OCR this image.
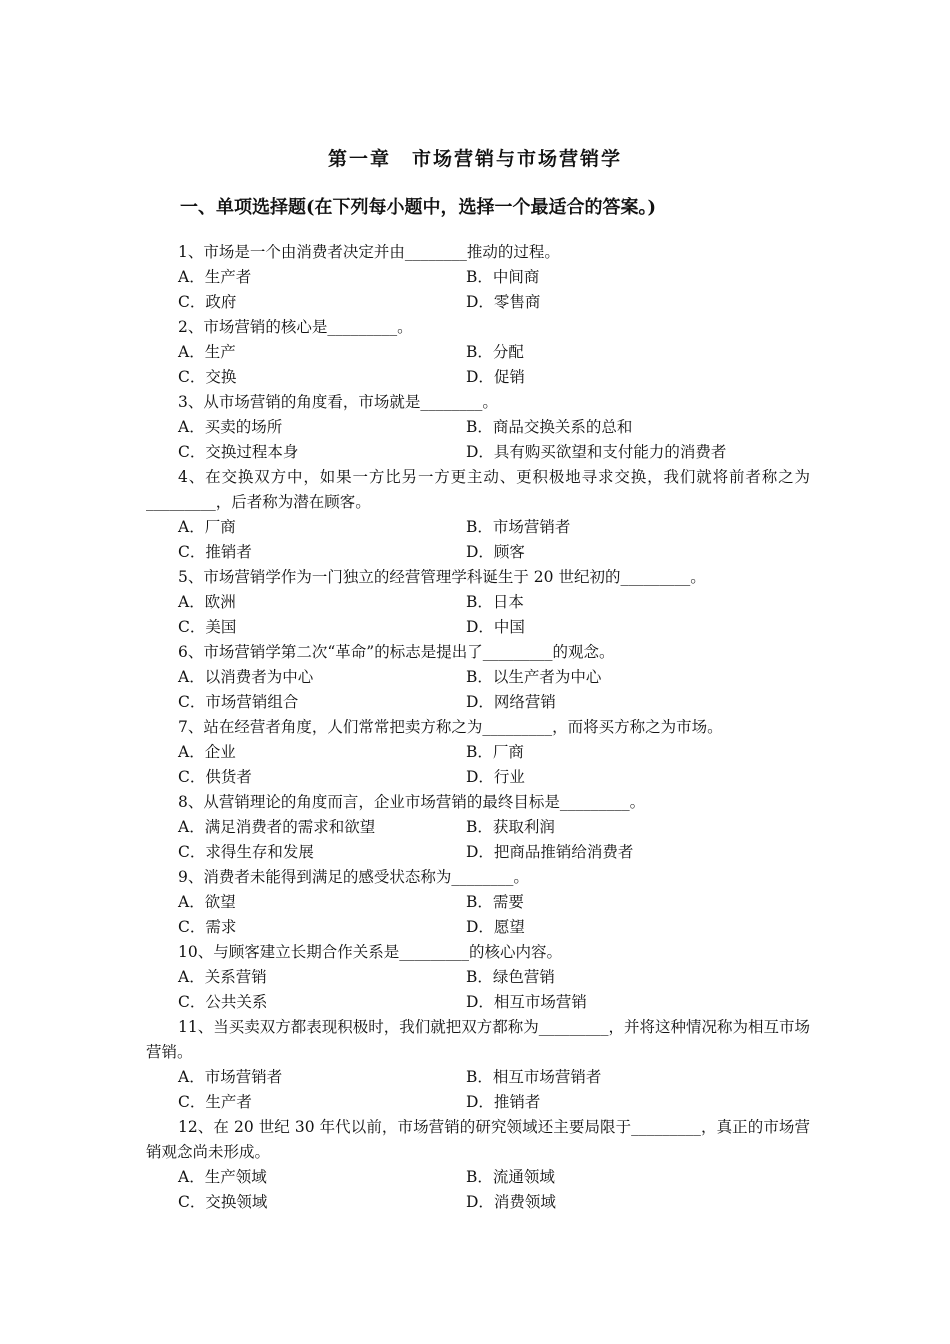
第一章　市场营销与市场营销学
一、单项选择题(在下列每小题中，选择一个最适合的答案。)
1、市场是一个由消费者决定并由________推动的过程。
A．生产者	B．中间商
C．政府	D．零售商
2、市场营销的核心是_________。
A．生产	B．分配
C．交换	D．促销
3、从市场营销的角度看，市场就是________。
A．买卖的场所	B．商品交换关系的总和
C．交换过程本身	D．具有购买欲望和支付能力的消费者
4、在交换双方中，如果一方比另一方更主动、更积极地寻求交换，我们就将前者称之为_________，后者称为潜在顾客。
A．厂商	B．市场营销者
C．推销者	D．顾客
5、市场营销学作为一门独立的经营管理学科诞生于 20 世纪初的_________。
A．欧洲	B．日本
C．美国	D．中国
6、市场营销学第二次“革命”的标志是提出了_________的观念。
A．以消费者为中心	B．以生产者为中心
C．市场营销组合	D．网络营销
7、站在经营者角度，人们常常把卖方称之为_________，而将买方称之为市场。
A．企业	B．厂商
C．供货者	D．行业
8、从营销理论的角度而言，企业市场营销的最终目标是_________。
A．满足消费者的需求和欲望	B．获取利润
C．求得生存和发展	D．把商品推销给消费者
9、消费者未能得到满足的感受状态称为________。
A．欲望	B．需要
C．需求	D．愿望
10、与顾客建立长期合作关系是_________的核心内容。
A．关系营销	B．绿色营销
C．公共关系	D．相互市场营销
11、当买卖双方都表现积极时，我们就把双方都称为_________，并将这种情况称为相互市场营销。
A．市场营销者	B．相互市场营销者
C．生产者	D．推销者
12、在 20 世纪 30 年代以前，市场营销的研究领域还主要局限于_________，真正的市场营销观念尚未形成。
A．生产领域	B．流通领域
C．交换领域	D．消费领域
